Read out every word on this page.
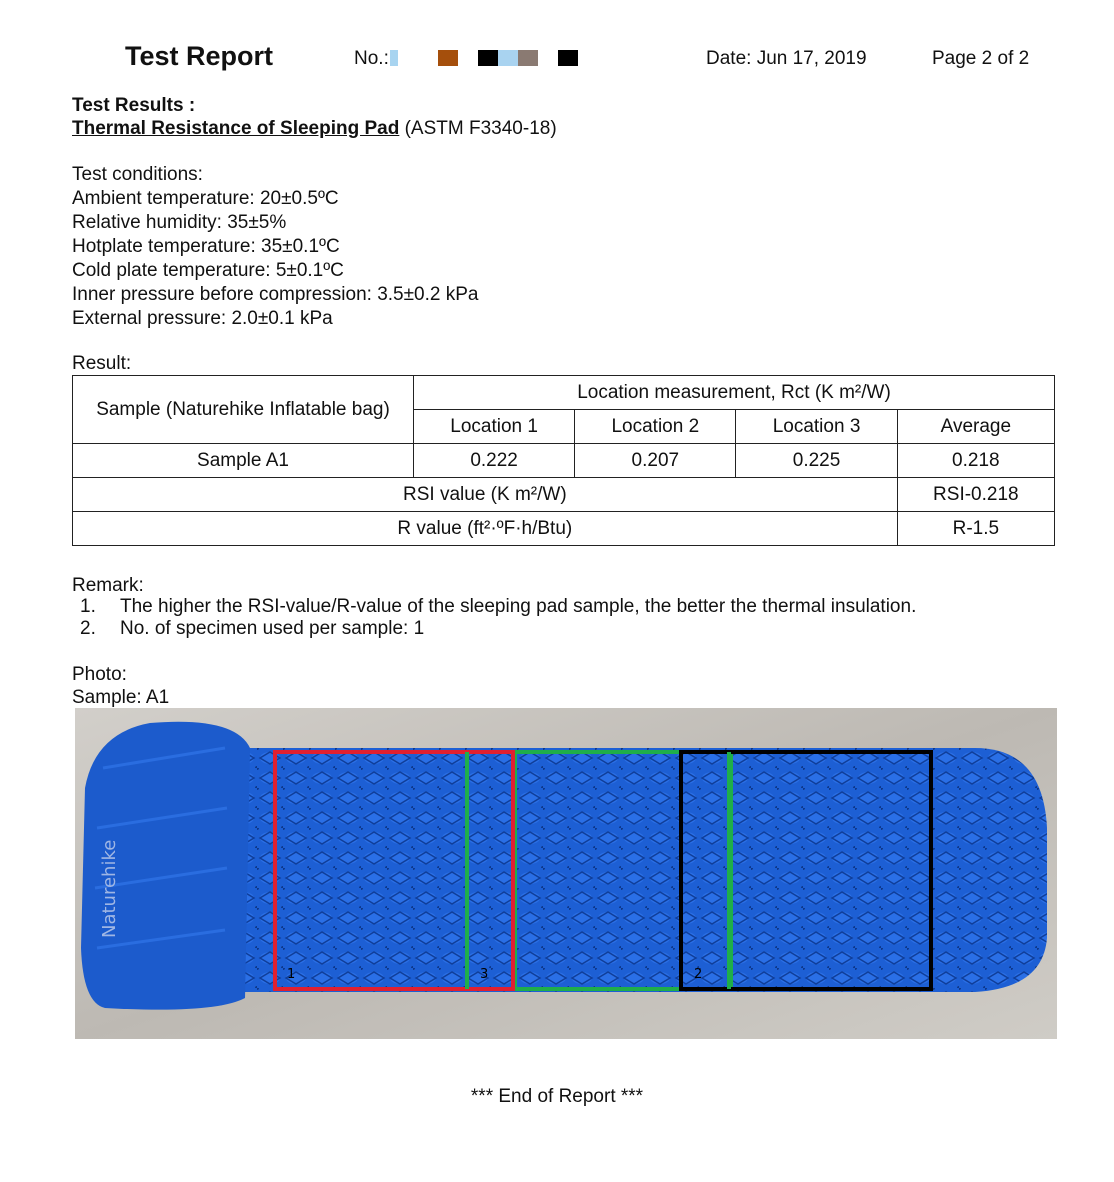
Test Report	No.:	Date: Jun 17, 2019	Page 2 of 2
Test Results :
Thermal Resistance of Sleeping Pad (ASTM F3340-18)
Test conditions:
Ambient temperature: 20±0.5ºC
Relative humidity: 35±5%
Hotplate temperature: 35±0.1ºC
Cold plate temperature: 5±0.1ºC
Inner pressure before compression: 3.5±0.2 kPa
External pressure: 2.0±0.1 kPa
Result:
Sample (Naturehike Inflatable bag)	Location measurement, Rct (K m²/W)			
	Location 1	Location 2	Location 3	Average
Sample A1	0.222	0.207	0.225	0.218
RSI value (K m²/W)				RSI-0.218
R value (ft²·ºF·h/Btu)				R-1.5
Remark:
1. The higher the RSI-value/R-value of the sleeping pad sample, the better the thermal insulation.
2. No. of specimen used per sample: 1
Photo:
Sample: A1
Naturehike
1	3	2
*** End of Report ***
